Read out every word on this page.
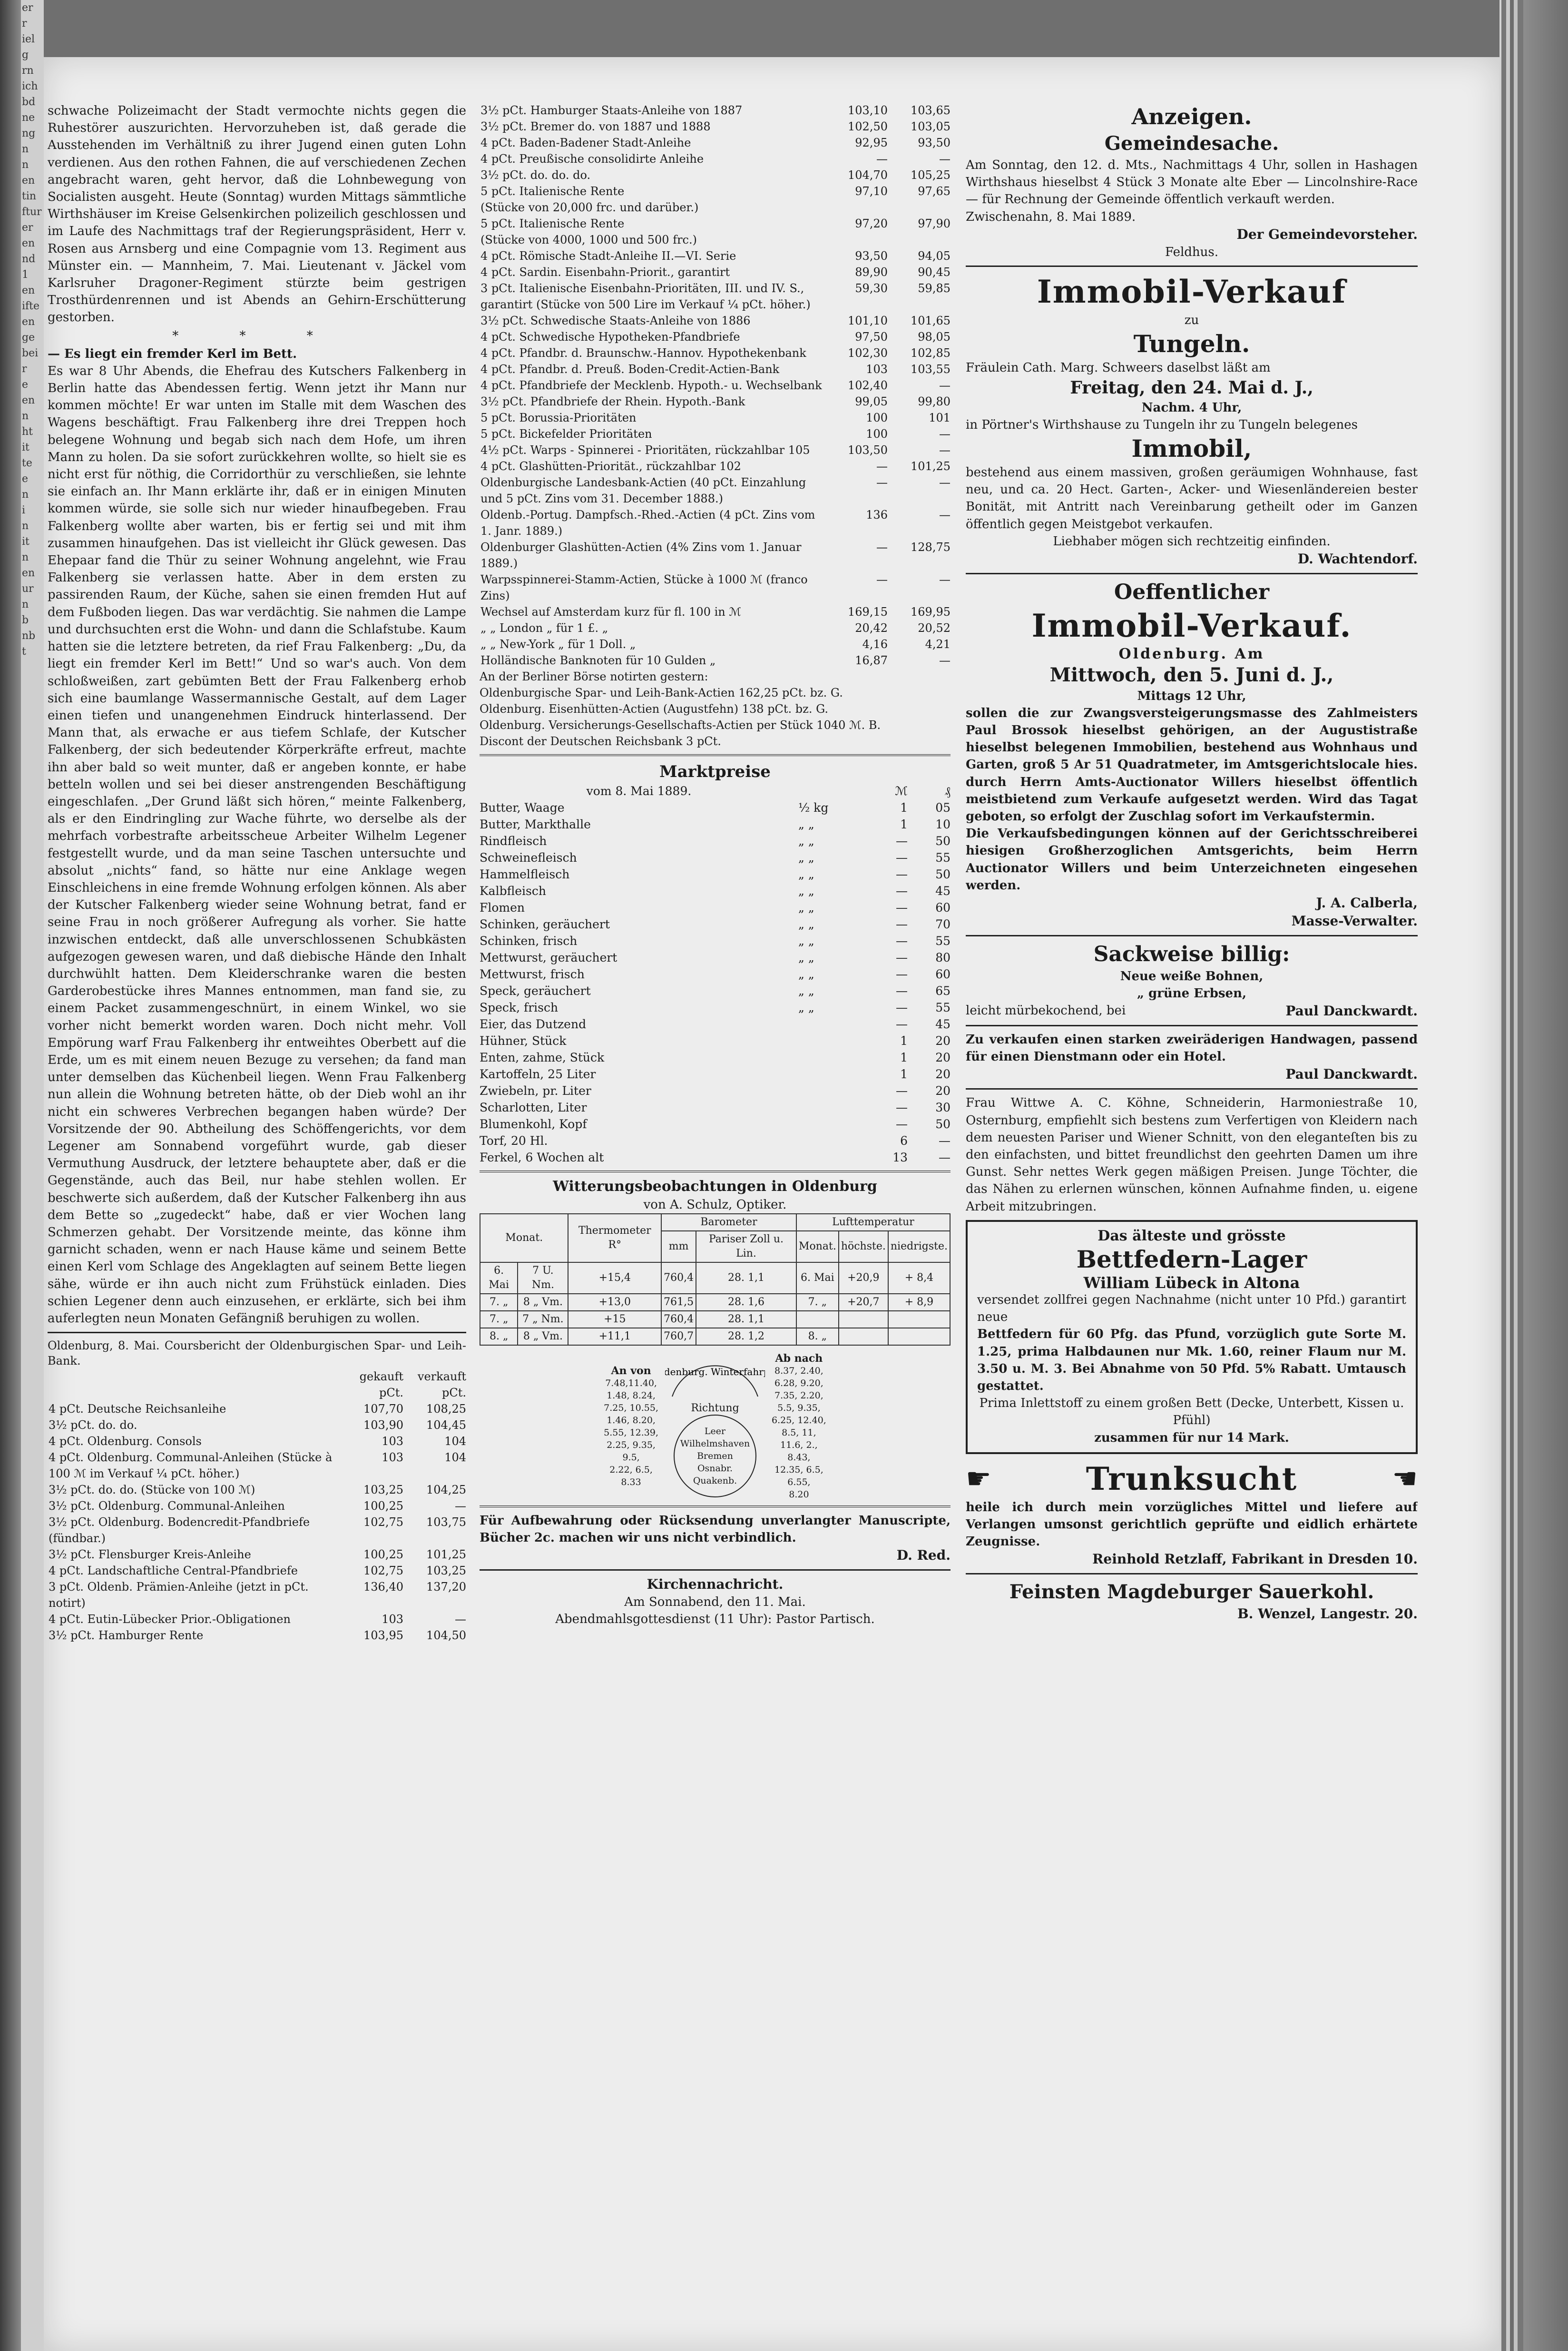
er
r
iel
g
rn
ich
bd
ne
ng
n
n
en
tin
ftur
er
en
nd
1
en
ifte
en
ge
bei
r
e
en
n
ht
it
te
e
n
i
n
it
n
en
ur
n
b
nb
t

schwache Polizeimacht der Stadt vermochte nichts gegen die Ruhestörer auszurichten. Hervorzuheben ist, daß gerade die Ausstehenden im Verhältniß zu ihrer Jugend einen guten Lohn verdienen. Aus den rothen Fahnen, die auf verschiedenen Zechen angebracht waren, geht hervor, daß die Lohnbewegung von Socialisten ausgeht. Heute (Sonntag) wurden Mittags sämmtliche Wirthshäuser im Kreise Gelsenkirchen polizeilich geschlossen und im Laufe des Nachmittags traf der Regierungspräsident, Herr v. Rosen aus Arnsberg und eine Compagnie vom 13. Regiment aus Münster ein. — Mannheim, 7. Mai. Lieutenant v. Jäckel vom Karlsruher Dragoner-Regiment stürzte beim gestrigen Trosthürdenrennen und ist Abends an Gehirn-Erschütterung gestorben.

* * *

— Es liegt ein fremder Kerl im Bett.

Es war 8 Uhr Abends, die Ehefrau des Kutschers Falkenberg in Berlin hatte das Abendessen fertig. Wenn jetzt ihr Mann nur kommen möchte! Er war unten im Stalle mit dem Waschen des Wagens beschäftigt. Frau Falkenberg ihre drei Treppen hoch belegene Wohnung und begab sich nach dem Hofe, um ihren Mann zu holen. Da sie sofort zurückkehren wollte, so hielt sie es nicht erst für nöthig, die Corridorthür zu verschließen, sie lehnte sie einfach an. Ihr Mann erklärte ihr, daß er in einigen Minuten kommen würde, sie solle sich nur wieder hinaufbegeben. Frau Falkenberg wollte aber warten, bis er fertig sei und mit ihm zusammen hinaufgehen. Das ist vielleicht ihr Glück gewesen. Das Ehepaar fand die Thür zu seiner Wohnung angelehnt, wie Frau Falkenberg sie verlassen hatte. Aber in dem ersten zu passirenden Raum, der Küche, sahen sie einen fremden Hut auf dem Fußboden liegen. Das war verdächtig. Sie nahmen die Lampe und durchsuchten erst die Wohn- und dann die Schlafstube. Kaum hatten sie die letztere betreten, da rief Frau Falkenberg: „Du, da liegt ein fremder Kerl im Bett!“ Und so war's auch. Von dem schloßweißen, zart gebümten Bett der Frau Falkenberg erhob sich eine baumlange Wassermannische Gestalt, auf dem Lager einen tiefen und unangenehmen Eindruck hinterlassend. Der Mann that, als erwache er aus tiefem Schlafe, der Kutscher Falkenberg, der sich bedeutender Körperkräfte erfreut, machte ihn aber bald so weit munter, daß er angeben konnte, er habe betteln wollen und sei bei dieser anstrengenden Beschäftigung eingeschlafen. „Der Grund läßt sich hören,“ meinte Falkenberg, als er den Eindringling zur Wache führte, wo derselbe als der mehrfach vorbestrafte arbeitsscheue Arbeiter Wilhelm Legener festgestellt wurde, und da man seine Taschen untersuchte und absolut „nichts“ fand, so hätte nur eine Anklage wegen Einschleichens in eine fremde Wohnung erfolgen können. Als aber der Kutscher Falkenberg wieder seine Wohnung betrat, fand er seine Frau in noch größerer Aufregung als vorher. Sie hatte inzwischen entdeckt, daß alle unverschlossenen Schubkästen aufgezogen gewesen waren, und daß diebische Hände den Inhalt durchwühlt hatten. Dem Kleiderschranke waren die besten Garderobestücke ihres Mannes entnommen, man fand sie, zu einem Packet zusammengeschnürt, in einem Winkel, wo sie vorher nicht bemerkt worden waren. Doch nicht mehr. Voll Empörung warf Frau Falkenberg ihr entweihtes Oberbett auf die Erde, um es mit einem neuen Bezuge zu versehen; da fand man unter demselben das Küchenbeil liegen. Wenn Frau Falkenberg nun allein die Wohnung betreten hätte, ob der Dieb wohl an ihr nicht ein schweres Verbrechen begangen haben würde? Der Vorsitzende der 90. Abtheilung des Schöffengerichts, vor dem Legener am Sonnabend vorgeführt wurde, gab dieser Vermuthung Ausdruck, der letztere behauptete aber, daß er die Gegenstände, auch das Beil, nur habe stehlen wollen. Er beschwerte sich außerdem, daß der Kutscher Falkenberg ihn aus dem Bette so „zugedeckt“ habe, daß er vier Wochen lang Schmerzen gehabt. Der Vorsitzende meinte, das könne ihm garnicht schaden, wenn er nach Hause käme und seinem Bette einen Kerl vom Schlage des Angeklagten auf seinem Bette liegen sähe, würde er ihn auch nicht zum Frühstück einladen. Dies schien Legener denn auch einzusehen, er erklärte, sich bei ihm auferlegten neun Monaten Gefängniß beruhigen zu wollen.

Oldenburg, 8. Mai. Coursbericht der Oldenburgischen Spar- und Leih-Bank.

	gekauft	verkauft
	pCt.	pCt.
4 pCt. Deutsche Reichsanleihe	107,70	108,25
3½ pCt. do. do.	103,90	104,45
4 pCt. Oldenburg. Consols	103	104
4 pCt. Oldenburg. Communal-Anleihen (Stücke à 100 ℳ im Verkauf ¼ pCt. höher.)	103	104
3½ pCt. do. do. (Stücke von 100 ℳ)	103,25	104,25
3½ pCt. Oldenburg. Communal-Anleihen	100,25	—
3½ pCt. Oldenburg. Bodencredit-Pfandbriefe (fündbar.)	102,75	103,75
3½ pCt. Flensburger Kreis-Anleihe	100,25	101,25
4 pCt. Landschaftliche Central-Pfandbriefe	102,75	103,25
3 pCt. Oldenb. Prämien-Anleihe (jetzt in pCt. notirt)	136,40	137,20
4 pCt. Eutin-Lübecker Prior.-Obligationen	103	—
3½ pCt. Hamburger Rente	103,95	104,50
3½ pCt. Hamburger Staats-Anleihe von 1887	103,10	103,65
3½ pCt. Bremer do. von 1887 und 1888	102,50	103,05
4 pCt. Baden-Badener Stadt-Anleihe	92,95	93,50
4 pCt. Preußische consolidirte Anleihe	—	—
3½ pCt. do. do. do.	104,70	105,25
5 pCt. Italienische Rente	97,10	97,65
(Stücke von 20,000 frc. und darüber.)		
5 pCt. Italienische Rente	97,20	97,90
(Stücke von 4000, 1000 und 500 frc.)		
4 pCt. Römische Stadt-Anleihe II.—VI. Serie	93,50	94,05
4 pCt. Sardin. Eisenbahn-Priorit., garantirt	89,90	90,45
3 pCt. Italienische Eisenbahn-Prioritäten, III. und IV. S., garantirt (Stücke von 500 Lire im Verkauf ¼ pCt. höher.)	59,30	59,85
3½ pCt. Schwedische Staats-Anleihe von 1886	101,10	101,65
4 pCt. Schwedische Hypotheken-Pfandbriefe	97,50	98,05
4 pCt. Pfandbr. d. Braunschw.-Hannov. Hypothekenbank	102,30	102,85
4 pCt. Pfandbr. d. Preuß. Boden-Credit-Actien-Bank	103	103,55
4 pCt. Pfandbriefe der Mecklenb. Hypoth.- u. Wechselbank	102,40	—
3½ pCt. Pfandbriefe der Rhein. Hypoth.-Bank	99,05	99,80
5 pCt. Borussia-Prioritäten	100	101
5 pCt. Bickefelder Prioritäten	100	—
4½ pCt. Warps - Spinnerei - Prioritäten, rückzahlbar 105	103,50	—
4 pCt. Glashütten-Priorität., rückzahlbar 102	—	101,25
Oldenburgische Landesbank-Actien (40 pCt. Einzahlung und 5 pCt. Zins vom 31. December 1888.)	—	—
Oldenb.-Portug. Dampfsch.-Rhed.-Actien (4 pCt. Zins vom 1. Janr. 1889.)	136	—
Oldenburger Glashütten-Actien (4% Zins vom 1. Januar 1889.)	—	128,75
Warpsspinnerei-Stamm-Actien, Stücke à 1000 ℳ (franco Zins)	—	—
Wechsel auf Amsterdam kurz für fl. 100 in ℳ	169,15	169,95
„ „ London „ für 1 £. „	20,42	20,52
„ „ New-York „ für 1 Doll. „	4,16	4,21
Holländische Banknoten für 10 Gulden „	16,87	—
An der Berliner Börse notirten gestern:
Oldenburgische Spar- und Leih-Bank-Actien 162,25 pCt. bz. G.
Oldenburg. Eisenhütten-Actien (Augustfehn) 138 pCt. bz. G.
Oldenburg. Versicherungs-Gesellschafts-Actien per Stück 1040 ℳ. B.
Discont der Deutschen Reichsbank 3 pCt.
Marktpreise
vom 8. Mai 1889.		ℳ	₰
Butter, Waage	½ kg	1	05
Butter, Markthalle	„ „	1	10
Rindfleisch	„ „	—	50
Schweinefleisch	„ „	—	55
Hammelfleisch	„ „	—	50
Kalbfleisch	„ „	—	45
Flomen	„ „	—	60
Schinken, geräuchert	„ „	—	70
Schinken, frisch	„ „	—	55
Mettwurst, geräuchert	„ „	—	80
Mettwurst, frisch	„ „	—	60
Speck, geräuchert	„ „	—	65
Speck, frisch	„ „	—	55
Eier, das Dutzend		—	45
Hühner, Stück		1	20
Enten, zahme, Stück		1	20
Kartoffeln, 25 Liter		1	20
Zwiebeln, pr. Liter		—	20
Scharlotten, Liter		—	30
Blumenkohl, Kopf		—	50
Torf, 20 Hl.		6	—
Ferkel, 6 Wochen alt		13	—
Witterungsbeobachtungen in Oldenburg
von A. Schulz, Optiker.
Monat.		Thermometer R°	Barometer		Lufttemperatur		
			mm	Pariser Zoll u. Lin.	Monat.	höchste.	niedrigste.
6. Mai	7 U. Nm.	+15,4	760,4	28. 1,1	6. Mai	+20,9	+ 8,4
7. „	8 „ Vm.	+13,0	761,5	28. 1,6	7. „	+20,7	+ 8,9
7. „	7 „ Nm.	+15	760,4	28. 1,1			
8. „	8 „ Vm.	+11,1	760,7	28. 1,2	8. „		
An von
7.48,11.40,
1.48, 8.24,
7.25, 10.55,
1.46, 8.20,
5.55, 12.39,
2.25, 9.35,
9.5,
2.22, 6.5,
8.33
denburg. Winterfahr
Richtung
Leer
Wilhelmshaven
Bremen
Osnabr. Quakenb.
Ab nach
8.37, 2.40,
6.28, 9.20,
7.35, 2.20,
5.5, 9.35,
6.25, 12.40,
8.5, 11,
11.6, 2.,
8.43,
12.35, 6.5,
6.55,
8.20

Für Aufbewahrung oder Rücksendung unverlangter Manuscripte, Bücher 2c. machen wir uns nicht verbindlich.

D. Red.
Kirchennachricht.
Am Sonnabend, den 11. Mai.
Abendmahlsgottesdienst (11 Uhr): Pastor Partisch.
Anzeigen.
Gemeindesache.

Am Sonntag, den 12. d. Mts., Nachmittags 4 Uhr, sollen in Hashagen Wirthshaus hieselbst 4 Stück 3 Monate alte Eber — Lincolnshire-Race — für Rechnung der Gemeinde öffentlich verkauft werden.

Zwischenahn, 8. Mai 1889.
Der Gemeindevorsteher.
Feldhus.
Immobil-Verkauf
zu
Tungeln.

Fräulein Cath. Marg. Schweers daselbst läßt am

Freitag, den 24. Mai d. J.,
Nachm. 4 Uhr,

in Pörtner's Wirthshause zu Tungeln ihr zu Tungeln belegenes

Immobil,

bestehend aus einem massiven, großen geräumigen Wohnhause, fast neu, und ca. 20 Hect. Garten-, Acker- und Wiesenländereien bester Bonität, mit Antritt nach Vereinbarung getheilt oder im Ganzen öffentlich gegen Meistgebot verkaufen.

Liebhaber mögen sich rechtzeitig einfinden.
D. Wachtendorf.
Oeffentlicher
Immobil-Verkauf.
Oldenburg. Am
Mittwoch, den 5. Juni d. J.,
Mittags 12 Uhr,

sollen die zur Zwangsversteigerungsmasse des Zahlmeisters Paul Brossok hieselbst gehörigen, an der Augustistraße hieselbst belegenen Immobilien, bestehend aus Wohnhaus und Garten, groß 5 Ar 51 Quadratmeter, im Amtsgerichtslocale hies. durch Herrn Amts-Auctionator Willers hieselbst öffentlich meistbietend zum Verkaufe aufgesetzt werden. Wird das Tagat geboten, so erfolgt der Zuschlag sofort im Verkaufstermin.

Die Verkaufsbedingungen können auf der Gerichtsschreiberei hiesigen Großherzoglichen Amtsgerichts, beim Herrn Auctionator Willers und beim Unterzeichneten eingesehen werden.

J. A. Calberla,
Masse-Verwalter.
Sackweise billig:
Neue weiße Bohnen,
„ grüne Erbsen,
leicht mürbekochend, bei	Paul Danckwardt.

Zu verkaufen einen starken zweiräderigen Handwagen, passend für einen Dienstmann oder ein Hotel.

Paul Danckwardt.

Frau Wittwe A. C. Köhne, Schneiderin, Harmoniestraße 10, Osternburg, empfiehlt sich bestens zum Verfertigen von Kleidern nach dem neuesten Pariser und Wiener Schnitt, von den eleganteſten bis zu den einfachsten, und bittet freundlichst den geehrten Damen um ihre Gunst. Sehr nettes Werk gegen mäßigen Preisen. Junge Töchter, die das Nähen zu erlernen wünschen, können Aufnahme finden, u. eigene Arbeit mitzubringen.

Das älteste und grösste
Bettfedern-Lager
William Lübeck in Altona

versendet zollfrei gegen Nachnahme (nicht unter 10 Pfd.) garantirt neue

Bettfedern für 60 Pfg. das Pfund, vorzüglich gute Sorte M. 1.25, prima Halbdaunen nur Mk. 1.60, reiner Flaum nur M. 3.50 u. M. 3. Bei Abnahme von 50 Pfd. 5% Rabatt. Umtausch gestattet.

Prima Inlettstoff zu einem großen Bett (Decke, Unterbett, Kissen u. Pfühl)

zusammen für nur 14 Mark.
☛	Trunksucht	☚

heile ich durch mein vorzügliches Mittel und liefere auf Verlangen umsonst gerichtlich geprüfte und eidlich erhärtete Zeugnisse.

Reinhold Retzlaff, Fabrikant in Dresden 10.
Feinsten Magdeburger Sauerkohl.
B. Wenzel, Langestr. 20.
